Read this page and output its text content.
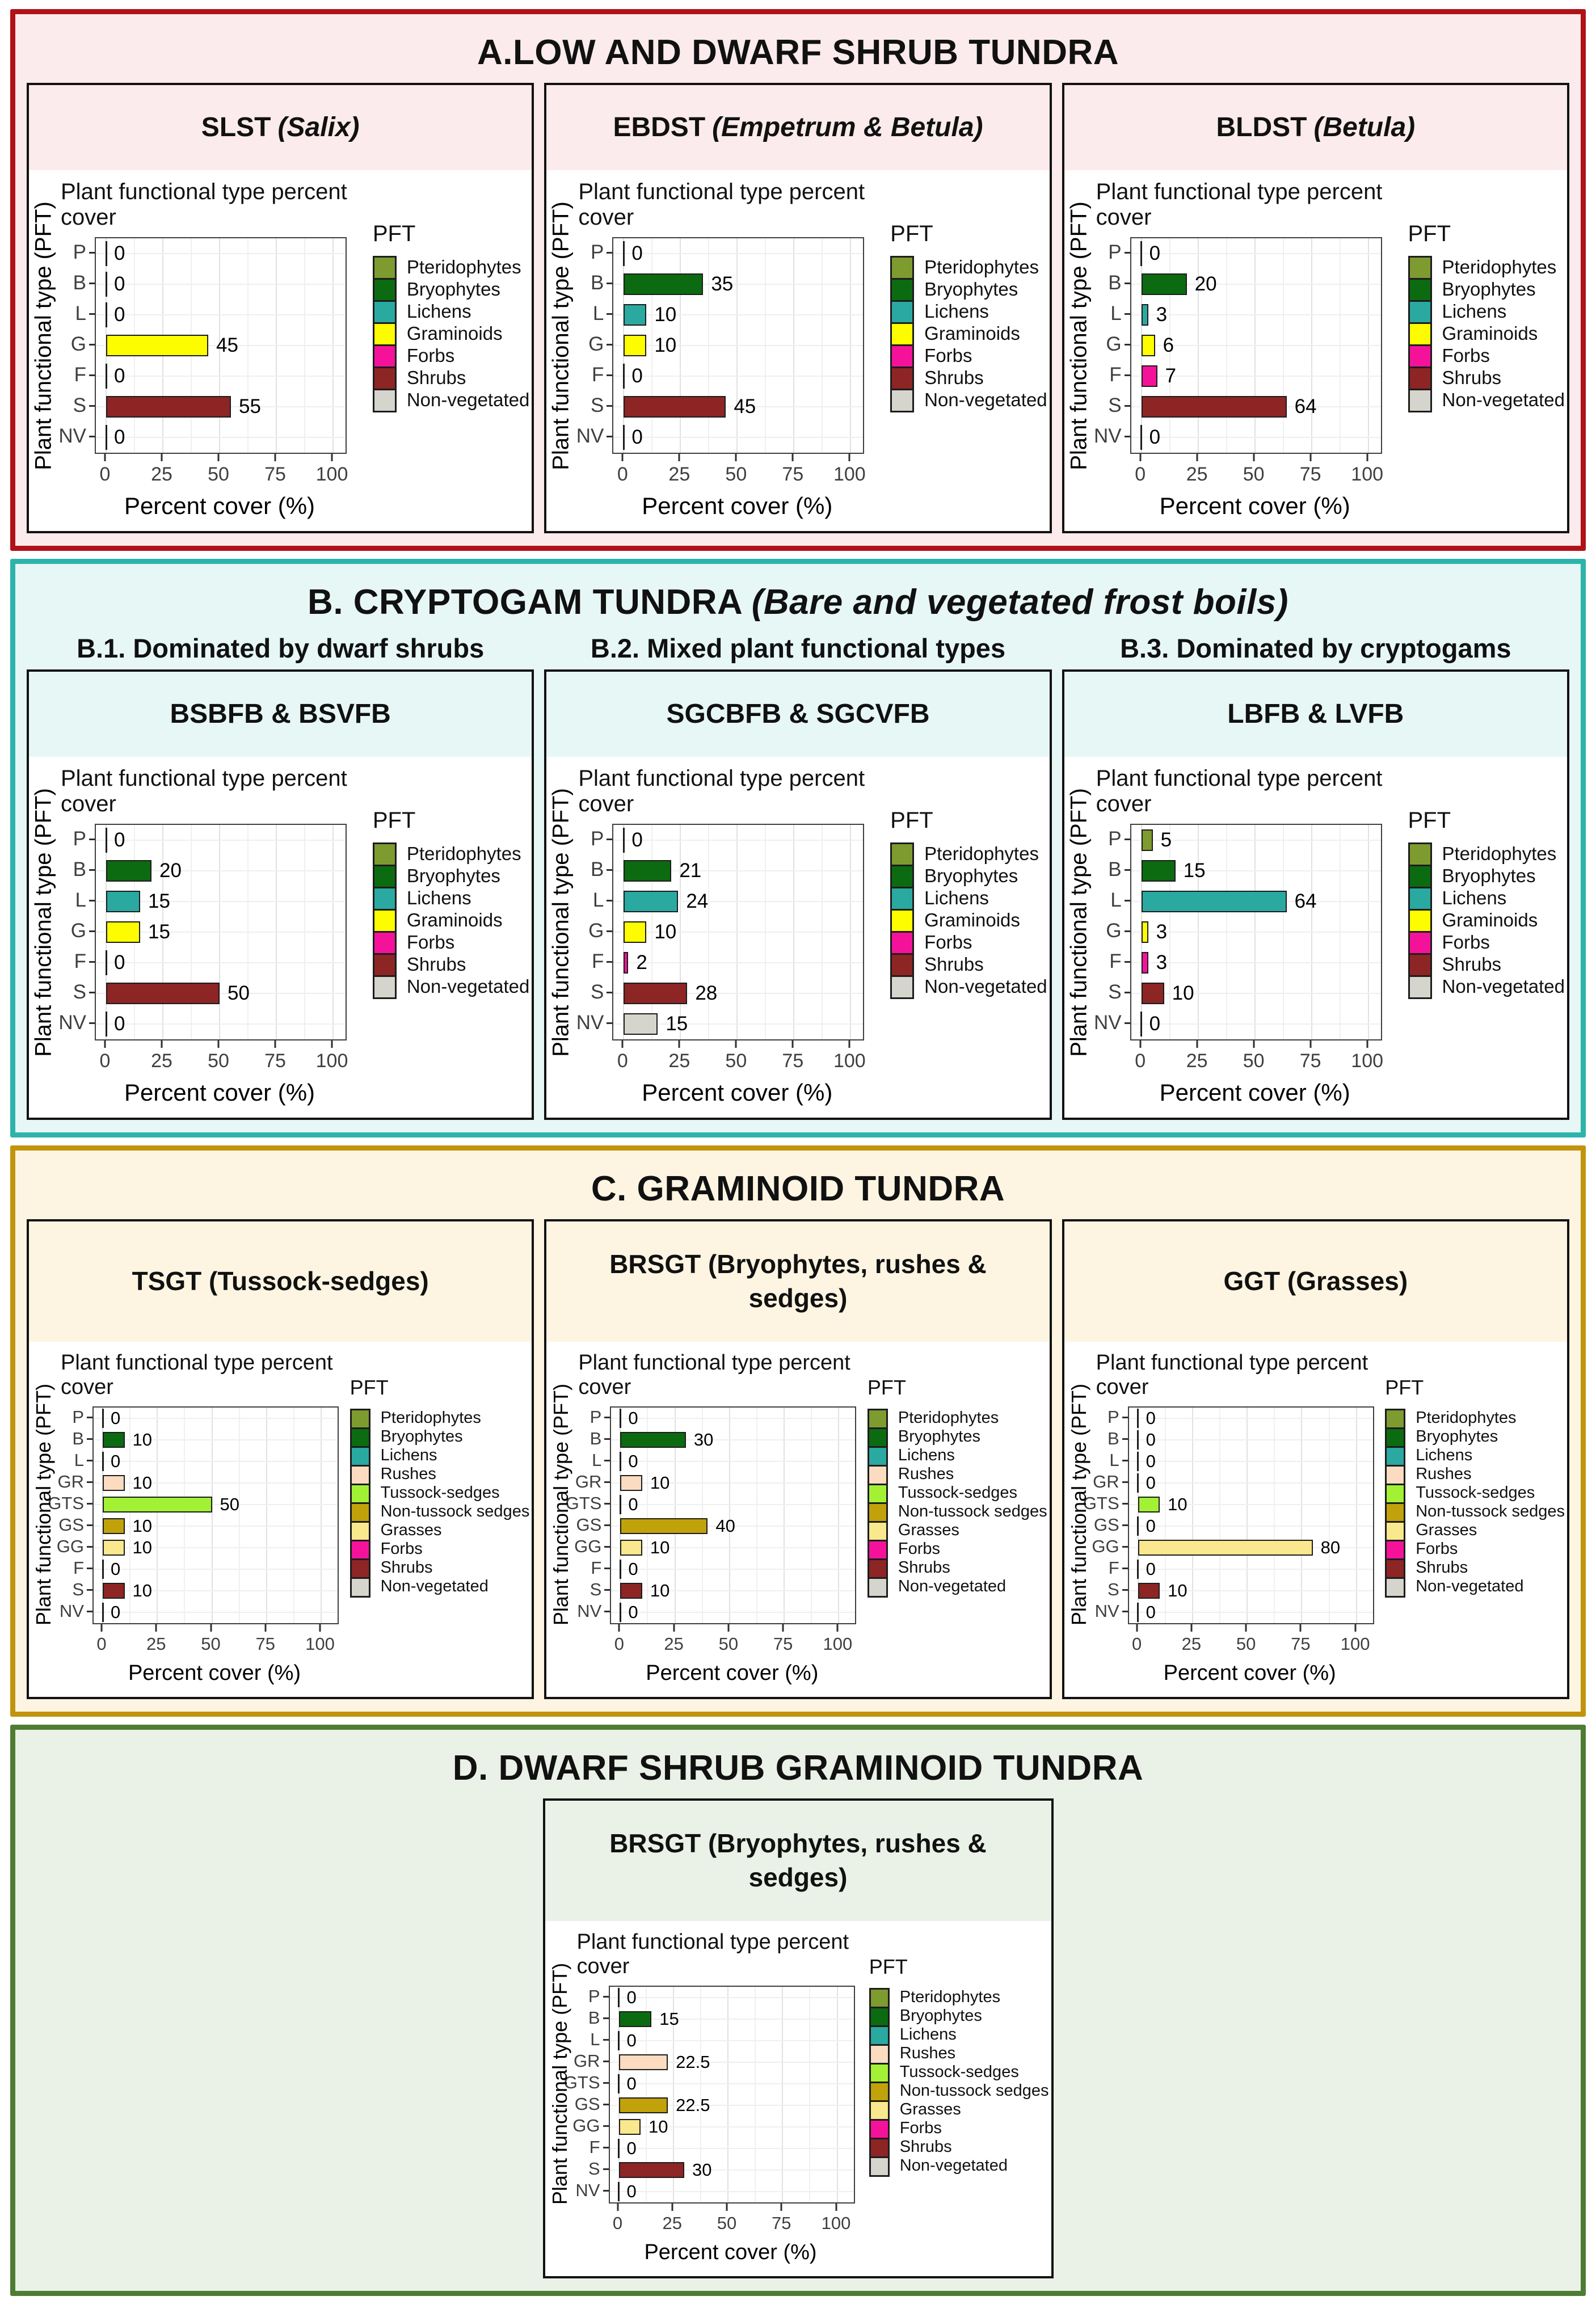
A.LOW AND DWARF SHRUB TUNDRA
SLST (Salix)
Plant functional type (PFT)
Plant functional type percent cover
P
B
L
G
F
S
NV
0
0
0
45
0
55
0
0 25 50 75 100
Percent cover (%)
PFT
Pteridophytes
Bryophytes
Lichens
Graminoids
Forbs
Shrubs
Non-vegetated
EBDST (Empetrum & Betula)
Plant functional type (PFT)
Plant functional type percent cover
P
B
L
G
F
S
NV
0
35
10
10
0
45
0
0 25 50 75 100
Percent cover (%)
PFT
Pteridophytes
Bryophytes
Lichens
Graminoids
Forbs
Shrubs
Non-vegetated
BLDST (Betula)
Plant functional type (PFT)
Plant functional type percent cover
P
B
L
G
F
S
NV
0
20
3
6
7
64
0
0 25 50 75 100
Percent cover (%)
PFT
Pteridophytes
Bryophytes
Lichens
Graminoids
Forbs
Shrubs
Non-vegetated
B. CRYPTOGAM TUNDRA (Bare and vegetated frost boils)
B.1. Dominated by dwarf shrubs	B.2. Mixed plant functional types	B.3. Dominated by cryptogams
BSBFB & BSVFB
Plant functional type (PFT)
Plant functional type percent cover
P
B
L
G
F
S
NV
0
20
15
15
0
50
0
0 25 50 75 100
Percent cover (%)
PFT
Pteridophytes
Bryophytes
Lichens
Graminoids
Forbs
Shrubs
Non-vegetated
SGCBFB & SGCVFB
Plant functional type (PFT)
Plant functional type percent cover
P
B
L
G
F
S
NV
0
21
24
10
2
28
15
0 25 50 75 100
Percent cover (%)
PFT
Pteridophytes
Bryophytes
Lichens
Graminoids
Forbs
Shrubs
Non-vegetated
LBFB & LVFB
Plant functional type (PFT)
Plant functional type percent cover
P
B
L
G
F
S
NV
5
15
64
3
3
10
0
0 25 50 75 100
Percent cover (%)
PFT
Pteridophytes
Bryophytes
Lichens
Graminoids
Forbs
Shrubs
Non-vegetated
C. GRAMINOID TUNDRA
TSGT (Tussock-sedges)
Plant functional type (PFT)
Plant functional type percent cover
P
B
L
GR
GTS
GS
GG
F
S
NV
0
10
0
10
50
10
10
0
10
0
0 25 50 75 100
Percent cover (%)
PFT
Pteridophytes
Bryophytes
Lichens
Rushes
Tussock-sedges
Non-tussock sedges
Grasses
Forbs
Shrubs
Non-vegetated
BRSGT (Bryophytes, rushes & sedges)
Plant functional type (PFT)
Plant functional type percent cover
P
B
L
GR
GTS
GS
GG
F
S
NV
0
30
0
10
0
40
10
0
10
0
0 25 50 75 100
Percent cover (%)
PFT
Pteridophytes
Bryophytes
Lichens
Rushes
Tussock-sedges
Non-tussock sedges
Grasses
Forbs
Shrubs
Non-vegetated
GGT (Grasses)
Plant functional type (PFT)
Plant functional type percent cover
P
B
L
GR
GTS
GS
GG
F
S
NV
0
0
0
0
10
0
80
0
10
0
0 25 50 75 100
Percent cover (%)
PFT
Pteridophytes
Bryophytes
Lichens
Rushes
Tussock-sedges
Non-tussock sedges
Grasses
Forbs
Shrubs
Non-vegetated
D. DWARF SHRUB GRAMINOID TUNDRA
BRSGT (Bryophytes, rushes & sedges)
Plant functional type (PFT)
Plant functional type percent cover
P
B
L
GR
GTS
GS
GG
F
S
NV
0
15
0
22.5
0
22.5
10
0
30
0
0 25 50 75 100
Percent cover (%)
PFT
Pteridophytes
Bryophytes
Lichens
Rushes
Tussock-sedges
Non-tussock sedges
Grasses
Forbs
Shrubs
Non-vegetated
